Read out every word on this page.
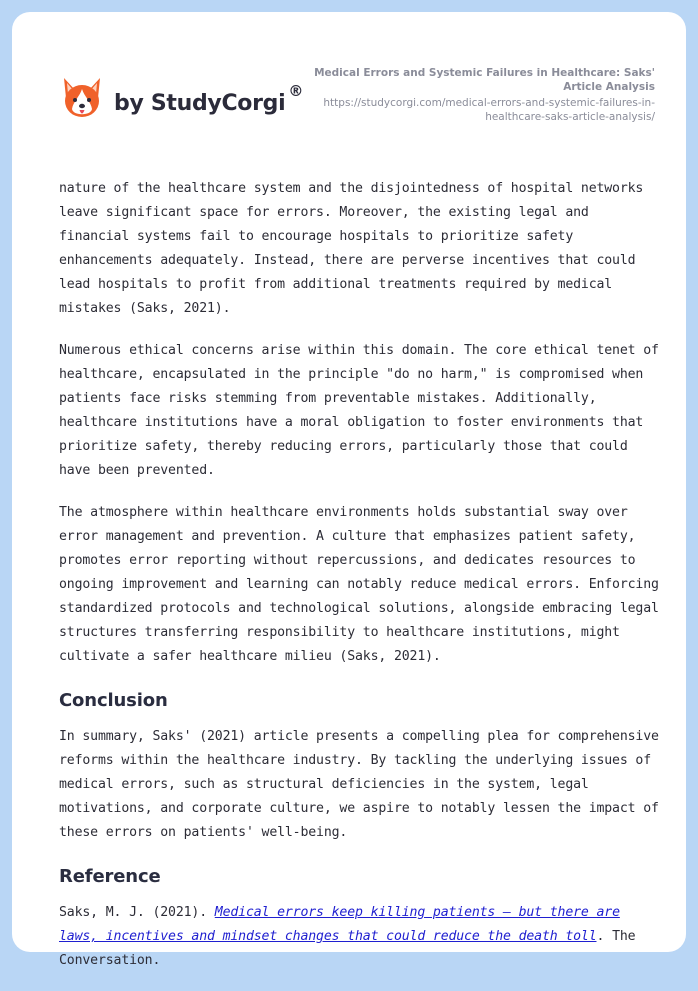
by StudyCorgi ®
Medical Errors and Systemic Failures in Healthcare: Saks' Article Analysis
https://studycorgi.com/medical-errors-and-systemic-failures-in-healthcare-saks-article-analysis/

nature of the healthcare system and the disjointedness of hospital networks leave significant space for errors. Moreover, the existing legal and financial systems fail to encourage hospitals to prioritize safety enhancements adequately. Instead, there are perverse incentives that could lead hospitals to profit from additional treatments required by medical mistakes (Saks, 2021).

Numerous ethical concerns arise within this domain. The core ethical tenet of healthcare, encapsulated in the principle "do no harm," is compromised when patients face risks stemming from preventable mistakes. Additionally, healthcare institutions have a moral obligation to foster environments that prioritize safety, thereby reducing errors, particularly those that could have been prevented.

The atmosphere within healthcare environments holds substantial sway over error management and prevention. A culture that emphasizes patient safety, promotes error reporting without repercussions, and dedicates resources to ongoing improvement and learning can notably reduce medical errors. Enforcing standardized protocols and technological solutions, alongside embracing legal structures transferring responsibility to healthcare institutions, might cultivate a safer healthcare milieu (Saks, 2021).

Conclusion

In summary, Saks' (2021) article presents a compelling plea for comprehensive reforms within the healthcare industry. By tackling the underlying issues of medical errors, such as structural deficiencies in the system, legal motivations, and corporate culture, we aspire to notably lessen the impact of these errors on patients' well-being.

Reference

Saks, M. J. (2021). Medical errors keep killing patients – but there are laws, incentives and mindset changes that could reduce the death toll. The Conversation.
